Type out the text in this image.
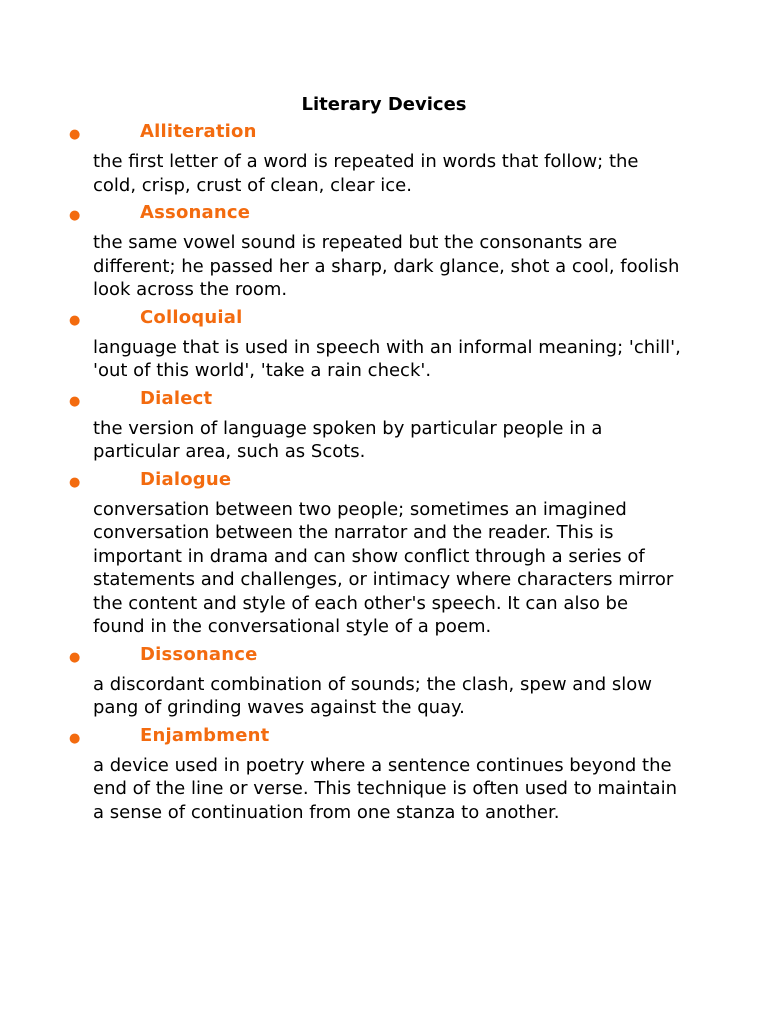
Literary Devices
●	Alliteration

the first letter of a word is repeated in words that follow; the cold, crisp, crust of clean, clear ice.

●	Assonance

the same vowel sound is repeated but the consonants are different; he passed her a sharp, dark glance, shot a cool, foolish look across the room.

●	Colloquial

language that is used in speech with an informal meaning; 'chill', 'out of this world', 'take a rain check'.

●	Dialect

the version of language spoken by particular people in a particular area, such as Scots.

●	Dialogue

conversation between two people; sometimes an imagined conversation between the narrator and the reader. This is important in drama and can show conflict through a series of statements and challenges, or intimacy where characters mirror the content and style of each other's speech. It can also be found in the conversational style of a poem.

●	Dissonance

a discordant combination of sounds; the clash, spew and slow pang of grinding waves against the quay.

●	Enjambment

a device used in poetry where a sentence continues beyond the end of the line or verse. This technique is often used to maintain a sense of continuation from one stanza to another.
